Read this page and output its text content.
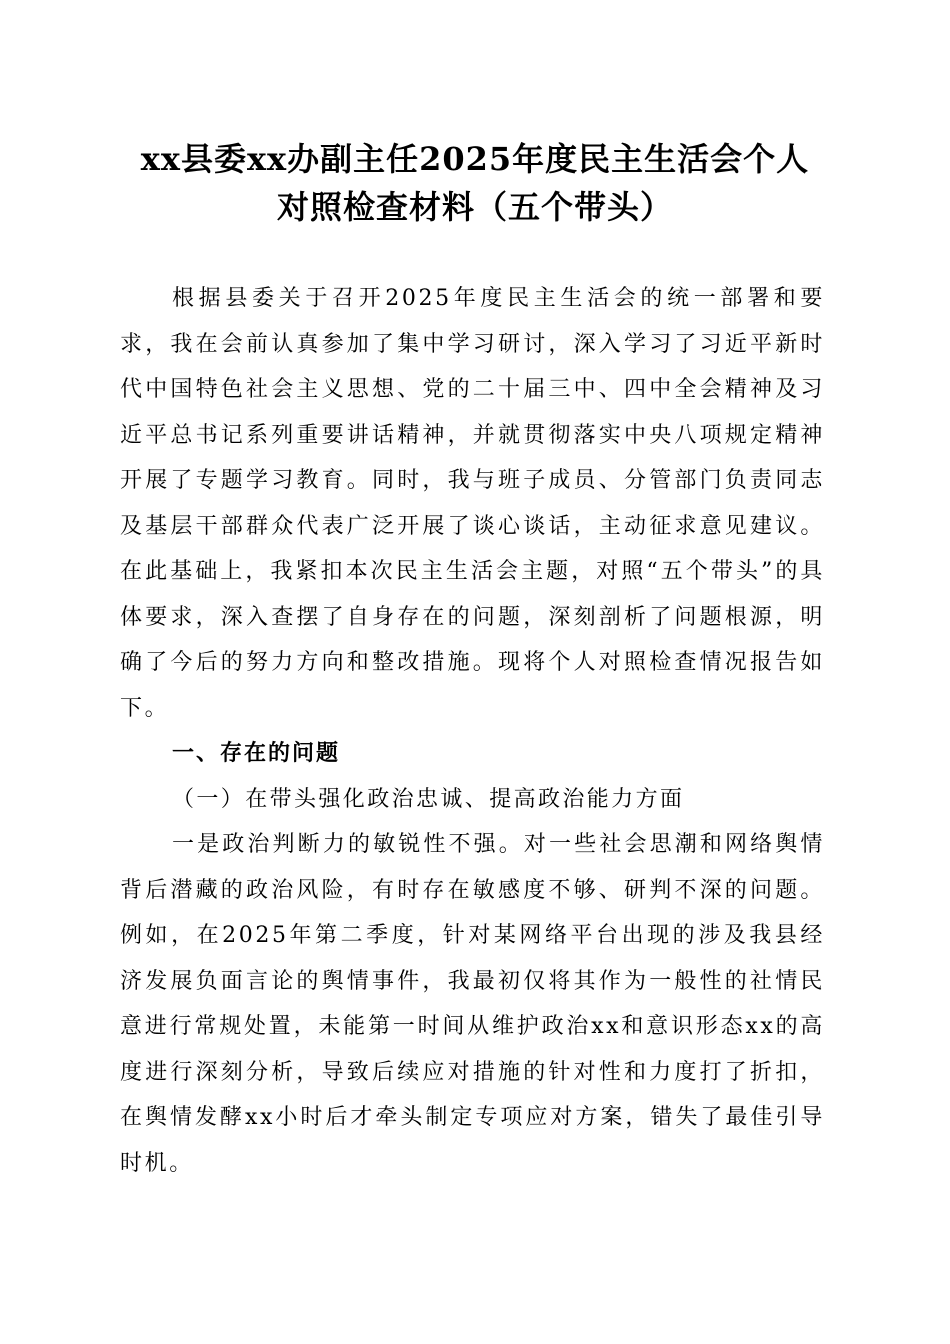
xx县委xx办副主任2025年度民主生活会个人
对照检查材料（五个带头）

根据县委关于召开2025年度民主生活会的统一部署和要求，我在会前认真参加了集中学习研讨，深入学习了习近平新时代中国特色社会主义思想、党的二十届三中、四中全会精神及习近平总书记系列重要讲话精神，并就贯彻落实中央八项规定精神开展了专题学习教育。同时，我与班子成员、分管部门负责同志及基层干部群众代表广泛开展了谈心谈话，主动征求意见建议。在此基础上，我紧扣本次民主生活会主题，对照“五个带头”的具体要求，深入查摆了自身存在的问题，深刻剖析了问题根源，明确了今后的努力方向和整改措施。现将个人对照检查情况报告如下。

一、存在的问题

（一）在带头强化政治忠诚、提高政治能力方面

一是政治判断力的敏锐性不强。对一些社会思潮和网络舆情背后潜藏的政治风险，有时存在敏感度不够、研判不深的问题。例如，在2025年第二季度，针对某网络平台出现的涉及我县经济发展负面言论的舆情事件，我最初仅将其作为一般性的社情民意进行常规处置，未能第一时间从维护政治xx和意识形态xx的高度进行深刻分析，导致后续应对措施的针对性和力度打了折扣，在舆情发酵xx小时后才牵头制定专项应对方案，错失了最佳引导时机。
